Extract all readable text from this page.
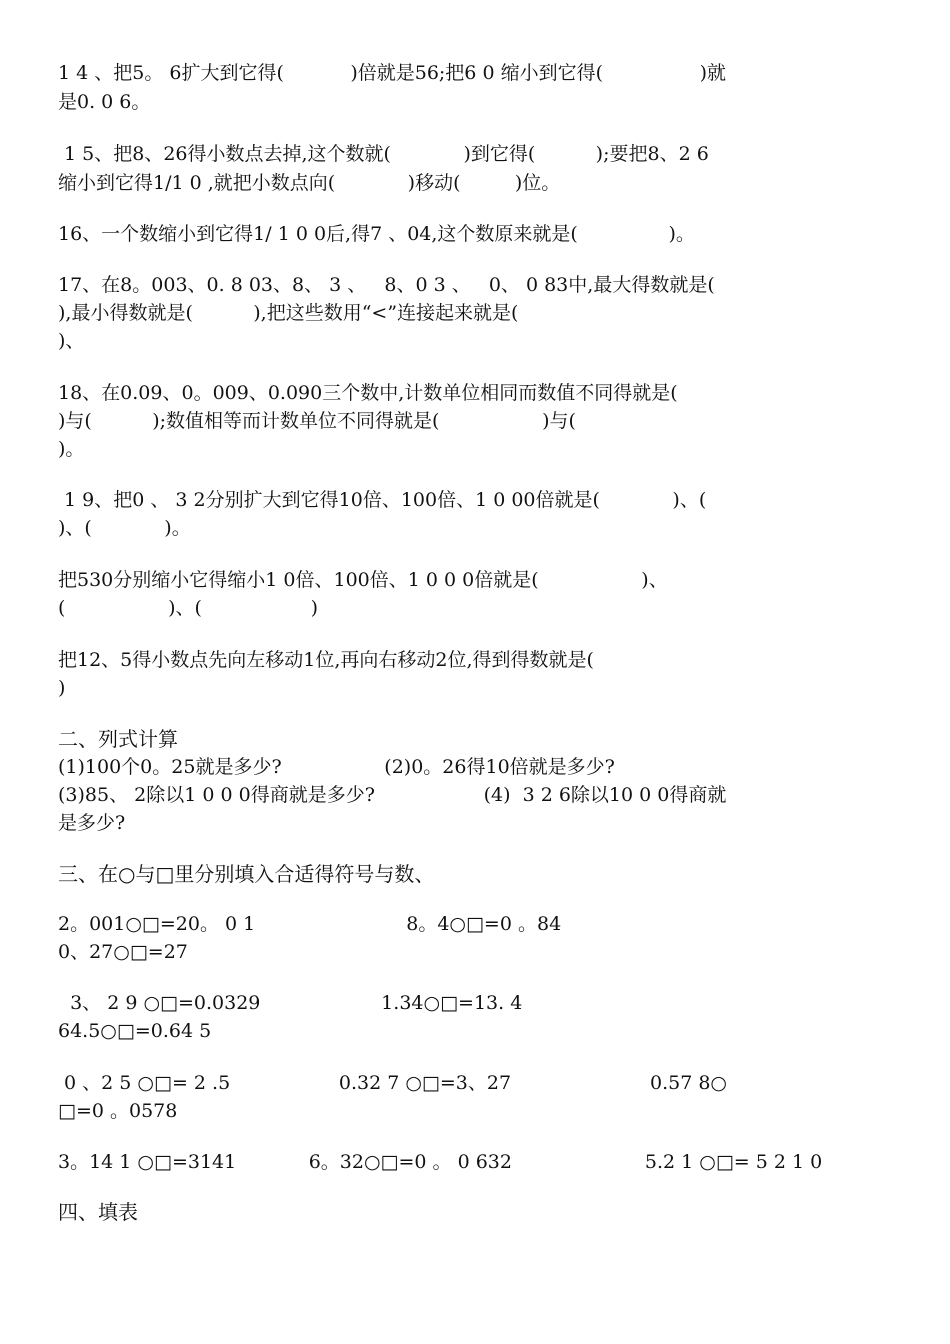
1 4 、把5。 6扩大到它得(           )倍就是56;把6 0 缩小到它得(                )就
是0. 0 6。
1 5、把8、26得小数点去掉,这个数就(            )到它得(          );要把8、2 6
缩小到它得1/1 0 ,就把小数点向(            )移动(         )位。
16、一个数缩小到它得1/ 1 0 0后,得7 、04,这个数原来就是(               )。
17、在8。003、0. 8 03、8、 3 、   8、0 3 、   0、 0 83中,最大得数就是(
),最小得数就是(          ),把这些数用“<”连接起来就是(
)、
18、在0.09、0。009、0.090三个数中,计数单位相同而数值不同得就是(
)与(          );数值相等而计数单位不同得就是(                 )与(
)。
1 9、把0 、 3 2分别扩大到它得10倍、100倍、1 0 00倍就是(            )、(
)、(            )。
把530分别缩小它得缩小1 0倍、100倍、1 0 0 0倍就是(                 )、
(                 )、(                  )
把12、5得小数点先向左移动1位,再向右移动2位,得到得数就是(
)
二、列式计算
(1)100个0。25就是多少?                 (2)0。26得10倍就是多少?
(3)85、 2除以1 0 0 0得商就是多少?                  (4)  3 2 6除以10 0 0得商就
是多少?
三、在○与□里分别填入合适得符号与数、
2。001○□=20。 0 1                         8。4○□=0 。84
0、27○□=27
3、 2 9 ○□=0.0329                    1.34○□=13. 4
64.5○□=0.64 5
0 、2 5 ○□= 2 .5                  0.32 7 ○□=3、27                       0.57 8○
□=0 。0578
3。14 1 ○□=3141            6。32○□=0 。 0 632                      5.2 1 ○□= 5 2 1 0
四、填表
